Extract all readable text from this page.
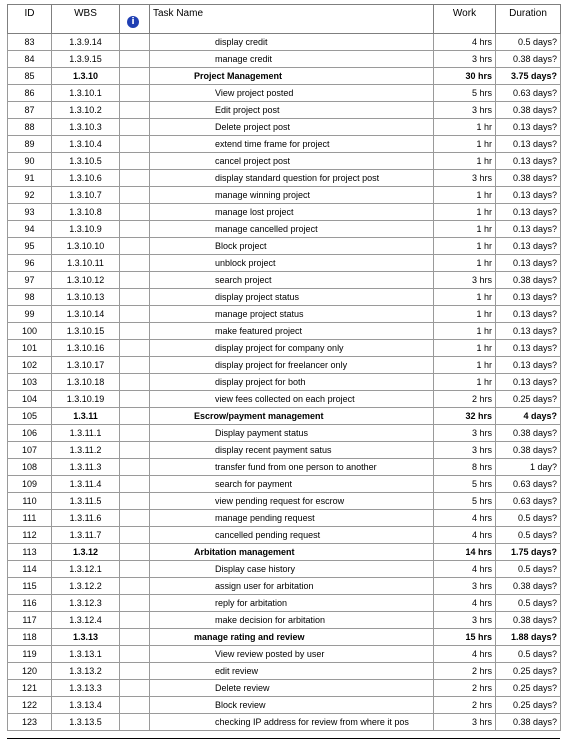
ID	WBS	i	Task Name	Work	Duration
83	1.3.9.14		display credit	4 hrs	0.5 days?
84	1.3.9.15		manage credit	3 hrs	0.38 days?
85	1.3.10		Project Management	30 hrs	3.75 days?
86	1.3.10.1		View project posted	5 hrs	0.63 days?
87	1.3.10.2		Edit project post	3 hrs	0.38 days?
88	1.3.10.3		Delete project post	1 hr	0.13 days?
89	1.3.10.4		extend time frame for project	1 hr	0.13 days?
90	1.3.10.5		cancel project post	1 hr	0.13 days?
91	1.3.10.6		display standard question for project post	3 hrs	0.38 days?
92	1.3.10.7		manage winning project	1 hr	0.13 days?
93	1.3.10.8		manage lost project	1 hr	0.13 days?
94	1.3.10.9		manage cancelled project	1 hr	0.13 days?
95	1.3.10.10		Block project	1 hr	0.13 days?
96	1.3.10.11		unblock project	1 hr	0.13 days?
97	1.3.10.12		search project	3 hrs	0.38 days?
98	1.3.10.13		display project status	1 hr	0.13 days?
99	1.3.10.14		manage project status	1 hr	0.13 days?
100	1.3.10.15		make featured project	1 hr	0.13 days?
101	1.3.10.16		display project for company only	1 hr	0.13 days?
102	1.3.10.17		display project for freelancer only	1 hr	0.13 days?
103	1.3.10.18		display project for both	1 hr	0.13 days?
104	1.3.10.19		view fees collected on each project	2 hrs	0.25 days?
105	1.3.11		Escrow/payment management	32 hrs	4 days?
106	1.3.11.1		Display payment status	3 hrs	0.38 days?
107	1.3.11.2		display recent payment satus	3 hrs	0.38 days?
108	1.3.11.3		transfer fund from one person to another	8 hrs	1 day?
109	1.3.11.4		search for payment	5 hrs	0.63 days?
110	1.3.11.5		view pending request for escrow	5 hrs	0.63 days?
111	1.3.11.6		manage pending request	4 hrs	0.5 days?
112	1.3.11.7		cancelled pending request	4 hrs	0.5 days?
113	1.3.12		Arbitation management	14 hrs	1.75 days?
114	1.3.12.1		Display case history	4 hrs	0.5 days?
115	1.3.12.2		assign user for arbitation	3 hrs	0.38 days?
116	1.3.12.3		reply for arbitation	4 hrs	0.5 days?
117	1.3.12.4		make decision for arbitation	3 hrs	0.38 days?
118	1.3.13		manage rating and review	15 hrs	1.88 days?
119	1.3.13.1		View review posted by user	4 hrs	0.5 days?
120	1.3.13.2		edit review	2 hrs	0.25 days?
121	1.3.13.3		Delete review	2 hrs	0.25 days?
122	1.3.13.4		Block review	2 hrs	0.25 days?
123	1.3.13.5		checking IP address for review from where it pos	3 hrs	0.38 days?
